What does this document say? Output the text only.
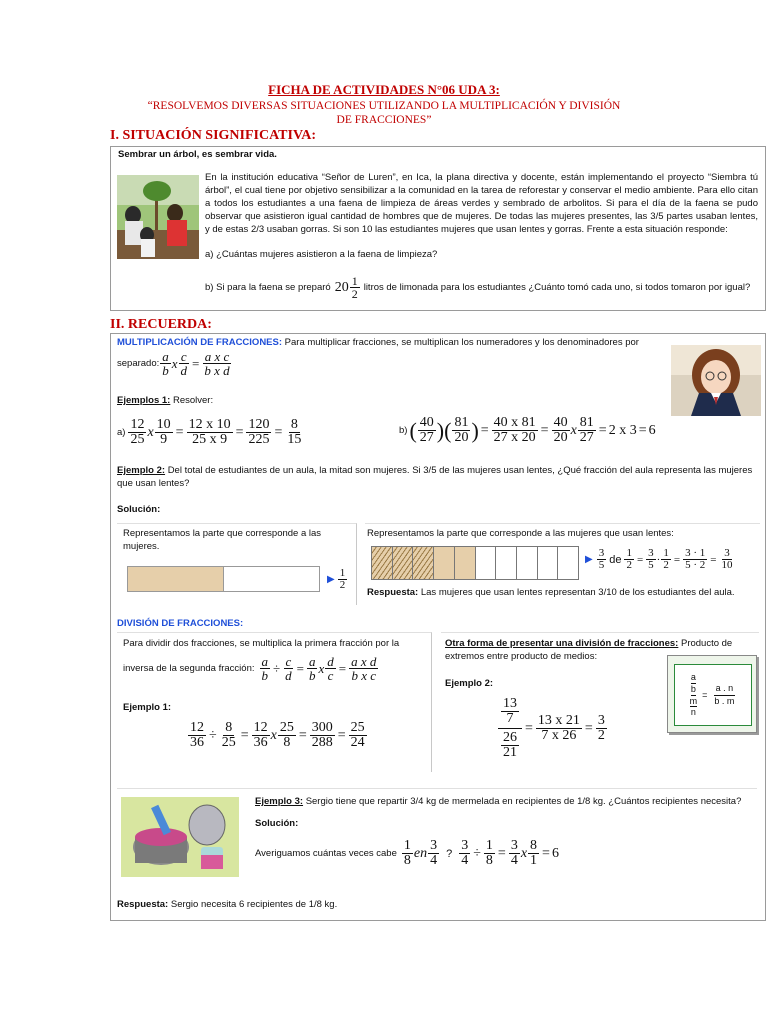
FICHA DE ACTIVIDADES N°06 UDA 3:
“RESOLVEMOS DIVERSAS SITUACIONES UTILIZANDO LA MULTIPLICACIÓN Y DIVISIÓN
DE FRACCIONES”
I. SITUACIÓN SIGNIFICATIVA:
Sembrar un árbol, es sembrar vida.
En la institución educativa “Señor de Luren”, en Ica, la plana directiva y docente, están implementando el proyecto “Siembra tú árbol”, el cual tiene por objetivo sensibilizar a la comunidad en la tarea de reforestar y conservar el medio ambiente. Para ello citan a todos los estudiantes a una faena de limpieza de áreas verdes y sembrado de arbolitos. Si para el día de la faena se pudo observar que asistieron igual cantidad de hombres que de mujeres. De todas las mujeres presentes, las 3/5 partes usaban lentes, y de estas 2/3 usaban gorras. Si son 10 las estudiantes mujeres que usan lentes y gorras. Frente a esta situación responde:
a) ¿Cuántas mujeres asistieron a la faena de limpieza?
b) Si para la faena se preparó $20 \frac{1}{2}$ litros de limonada para los estudiantes ¿Cuánto tomó cada uno, si todos tomaron por igual?
II. RECUERDA:
MULTIPLICACIÓN DE FRACCIONES: Para multiplicar fracciones, se multiplican los numeradores y los denominadores por
separado: $\frac{a}{b}$ x $\frac{c}{d} = \frac{\text{a x c}}{\text{b x d}}$
Ejemplos 1: Resolver:
$a) \frac{12}{25}$ x $\frac{10}{9} = \frac{12 x 10}{25 x 9} = \frac{120}{225} = \frac{8}{15}$	b) ( $\frac{40}{27}$ )( $\frac{81}{20}$ ) = $\frac{40 x 81}{27 x 20} = \frac{40}{20}$ x $\frac{81}{27} = 2$ x 3 = 6
Ejemplo 2: Del total de estudiantes de un aula, la mitad son mujeres. Si 3/5 de las mujeres usan lentes, ¿Qué fracción del aula representa las mujeres que usan lentes?
Solución:
Representamos la parte que corresponde a las mujeres.
▶ $\frac{1}{2}$
Representamos la parte que corresponde a las mujeres que usan lentes:
▶ $\frac{3}{5}$ de $\frac{1}{2} = \frac{3}{5} \cdot \frac{1}{2} = \frac{3 \cdot 1}{5 \cdot 2} = \frac{3}{10}$
Respuesta: Las mujeres que usan lentes representan 3/10 de los estudiantes del aula.
DIVISIÓN DE FRACCIONES:
Para dividir dos fracciones, se multiplica la primera fracción por la
inversa de la segunda fracción: $\frac{a}{b} \div \frac{c}{d} = \frac{a}{b}$ x $\frac{d}{c} = \frac{\text{a x d}}{\text{b x c}}$
Ejemplo 1:
$\frac{12}{36} \div \frac{8}{25} = \frac{12}{36}$ x $\frac{25}{8} = \frac{300}{288} = \frac{25}{24}$
Otra forma de presentar una división de fracciones: Producto de extremos entre producto de medios:
Ejemplo 2:
$\frac{\frac{13}{7}}{\frac{26}{21}} = \frac{13 x 21}{7 x 26} = \frac{3}{2}$
a
b
m
$n = \frac{a . n}{b . m}$
Ejemplo 3: Sergio tiene que repartir 3/4 kg de mermelada en recipientes de 1/8 kg. ¿Cuántos recipientes necesita?
Solución:
Averiguamos cuántas veces cabe $\frac{1}{8}$ en $\frac{3}{4}$ ? $\frac{3}{4} \div \frac{1}{8} = \frac{3}{4}$ x $\frac{8}{1} = 6$
Respuesta: Sergio necesita 6 recipientes de 1/8 kg.
